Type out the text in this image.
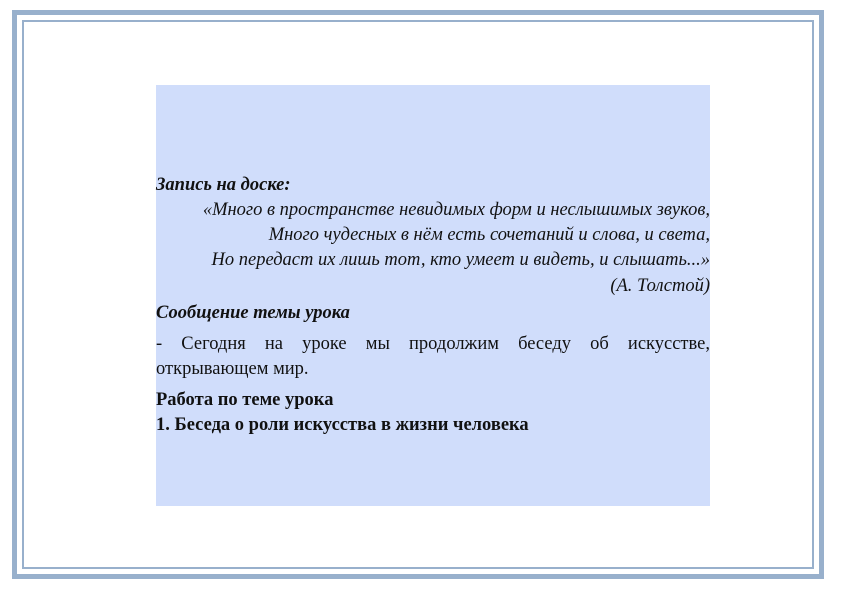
Запись на доске:

«Много в пространстве невидимых форм и неслышимых звуков,

Много чудесных в нём есть сочетаний и слова, и света,

Но передаст их лишь тот, кто умеет и видеть, и слышать...»

(А. Толстой)

Сообщение темы урока

- Сегодня на уроке мы продолжим беседу об искусстве, открывающем мир.

Работа по теме урока

1. Беседа о роли искусства в жизни человека
